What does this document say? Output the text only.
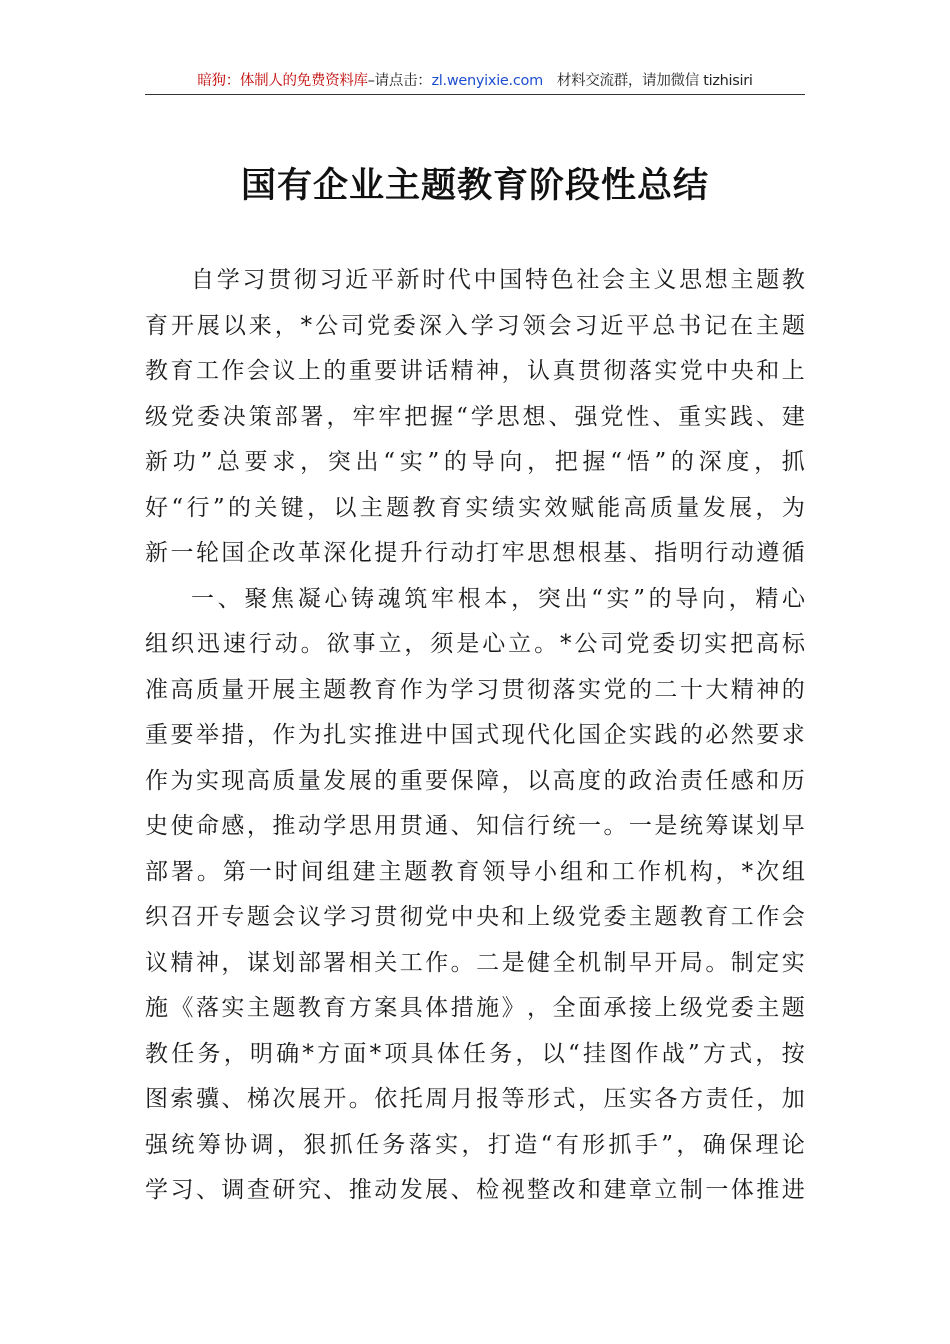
暗狗：体制人的免费资料库–请点击：zl.wenyixie.com 材料交流群，请加微信 tizhisiri
国有企业主题教育阶段性总结
自 学 习 贯 彻 习 近 平 新 时 代 中 国 特 色 社 会 主 义 思 想 主 题 教
育 开 展 以 来 ， * 公 司 党 委 深 入 学 习 领 会 习 近 平 总 书 记 在 主 题
教 育 工 作 会 议 上 的 重 要 讲 话 精 神 ， 认 真 贯 彻 落 实 党 中 央 和 上
级 党 委 决 策 部 署 ， 牢 牢 把 握 “ 学 思 想 、 强 党 性 、 重 实 践 、 建
新 功 ” 总 要 求 ， 突 出 “ 实 ” 的 导 向 ， 把 握 “ 悟 ” 的 深 度 ， 抓
好 “ 行 ” 的 关 键 ， 以 主 题 教 育 实 绩 实 效 赋 能 高 质 量 发 展 ， 为
新 一 轮 国 企 改 革 深 化 提 升 行 动 打 牢 思 想 根 基 、 指 明 行 动 遵 循
一 、 聚 焦 凝 心 铸 魂 筑 牢 根 本 ， 突 出 “ 实 ” 的 导 向 ， 精 心
组 织 迅 速 行 动 。 欲 事 立 ， 须 是 心 立 。 * 公 司 党 委 切 实 把 高 标
准 高 质 量 开 展 主 题 教 育 作 为 学 习 贯 彻 落 实 党 的 二 十 大 精 神 的
重 要 举 措 ， 作 为 扎 实 推 进 中 国 式 现 代 化 国 企 实 践 的 必 然 要 求
作 为 实 现 高 质 量 发 展 的 重 要 保 障 ， 以 高 度 的 政 治 责 任 感 和 历
史 使 命 感 ， 推 动 学 思 用 贯 通 、 知 信 行 统 一 。 一 是 统 筹 谋 划 早
部 署 。 第 一 时 间 组 建 主 题 教 育 领 导 小 组 和 工 作 机 构 ， * 次 组
织 召 开 专 题 会 议 学 习 贯 彻 党 中 央 和 上 级 党 委 主 题 教 育 工 作 会
议 精 神 ， 谋 划 部 署 相 关 工 作 。 二 是 健 全 机 制 早 开 局 。 制 定 实
施 《 落 实 主 题 教 育 方 案 具 体 措 施 》 ， 全 面 承 接 上 级 党 委 主 题
教 任 务 ， 明 确 * 方 面 * 项 具 体 任 务 ， 以 “ 挂 图 作 战 ” 方 式 ， 按
图 索 骥 、 梯 次 展 开 。 依 托 周 月 报 等 形 式 ， 压 实 各 方 责 任 ， 加
强 统 筹 协 调 ， 狠 抓 任 务 落 实 ， 打 造 “ 有 形 抓 手 ” ， 确 保 理 论
学 习 、 调 查 研 究 、 推 动 发 展 、 检 视 整 改 和 建 章 立 制 一 体 推 进
